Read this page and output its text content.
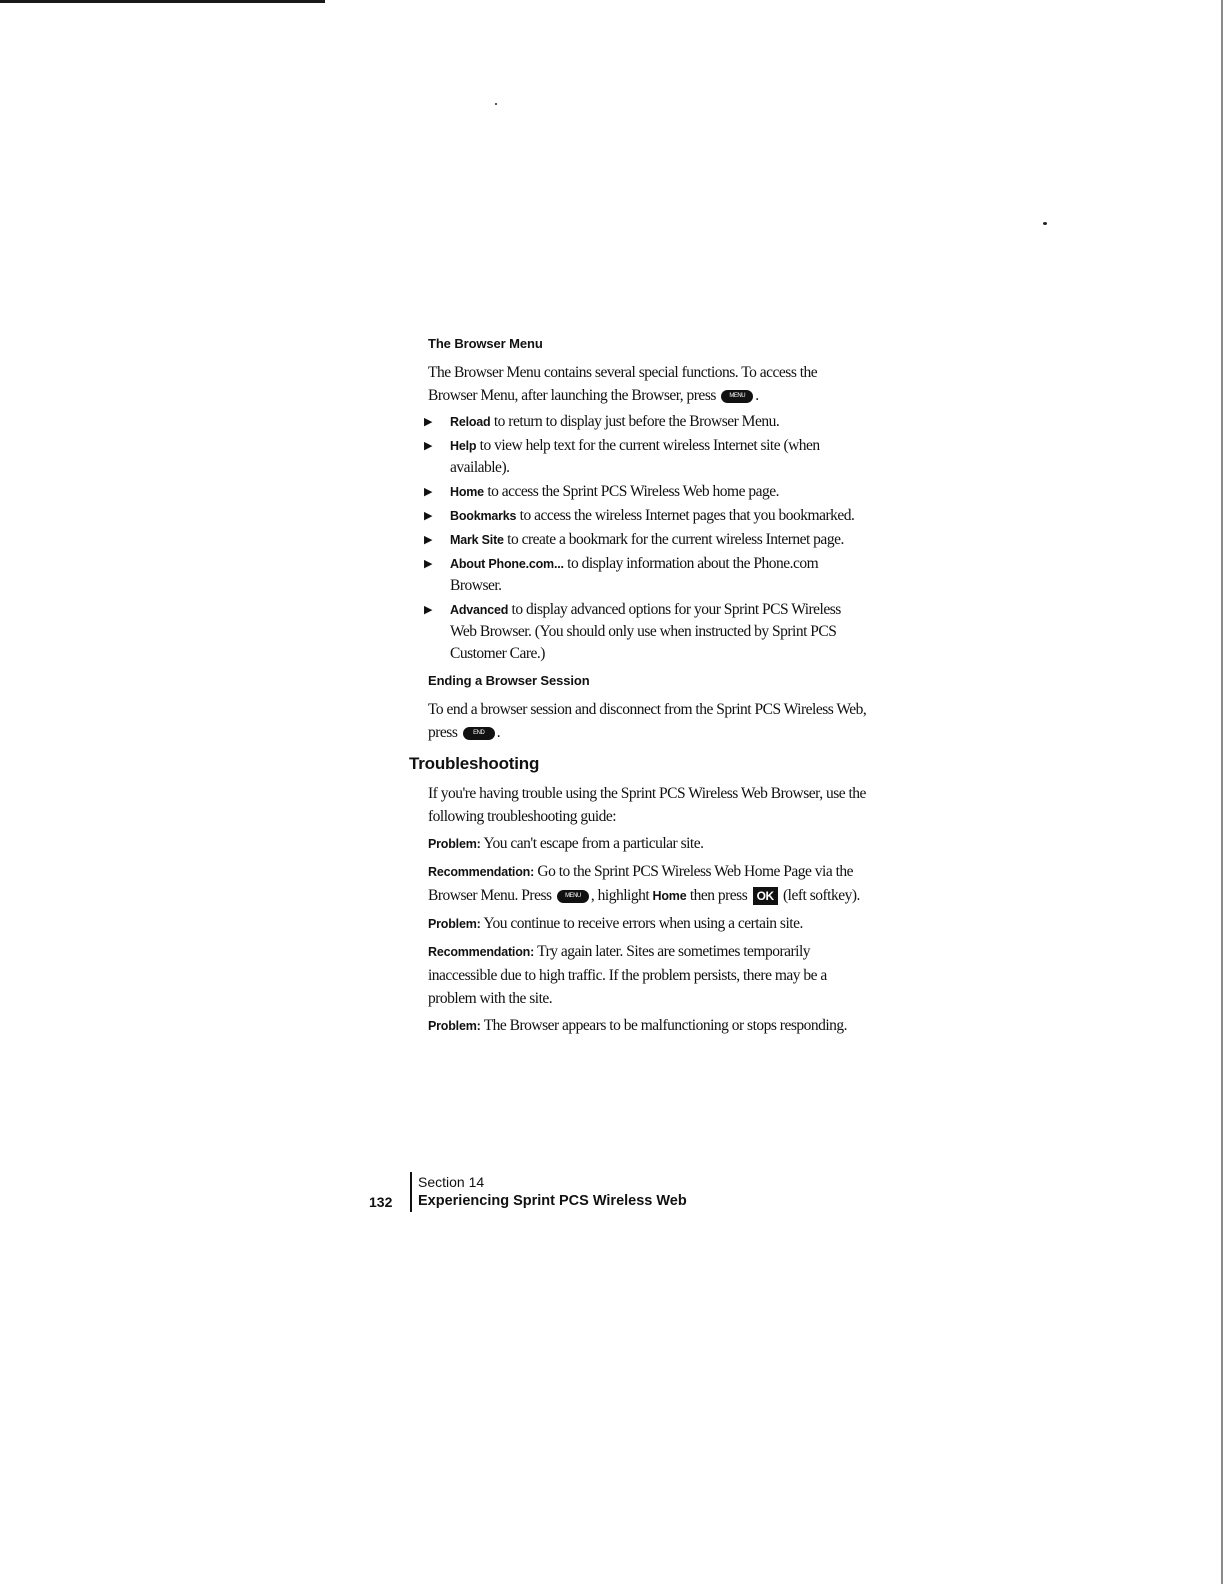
The Browser Menu

The Browser Menu contains several special functions. To access the Browser Menu, after launching the Browser, press MENU .

▶ Reload to return to display just before the Browser Menu.
▶ Help to view help text for the current wireless Internet site (when available).
▶ Home to access the Sprint PCS Wireless Web home page.
▶ Bookmarks to access the wireless Internet pages that you bookmarked.
▶ Mark Site to create a bookmark for the current wireless Internet page.
▶ About Phone.com... to display information about the Phone.com Browser.
▶ Advanced to display advanced options for your Sprint PCS Wireless Web Browser. (You should only use when instructed by Sprint PCS Customer Care.)
Ending a Browser Session

To end a browser session and disconnect from the Sprint PCS Wireless Web, press	END .

Troubleshooting

If you're having trouble using the Sprint PCS Wireless Web Browser, use the following troubleshooting guide:

Problem: You can't escape from a particular site.

Recommendation: Go to the Sprint PCS Wireless Web Home Page via the Browser Menu. Press MENU , highlight Home then press OK (left softkey).

Problem: You continue to receive errors when using a certain site.

Recommendation: Try again later. Sites are sometimes temporarily inaccessible due to high traffic. If the problem persists, there may be a problem with the site.

Problem: The Browser appears to be malfunctioning or stops responding.

132
Section 14
Experiencing Sprint PCS Wireless Web
